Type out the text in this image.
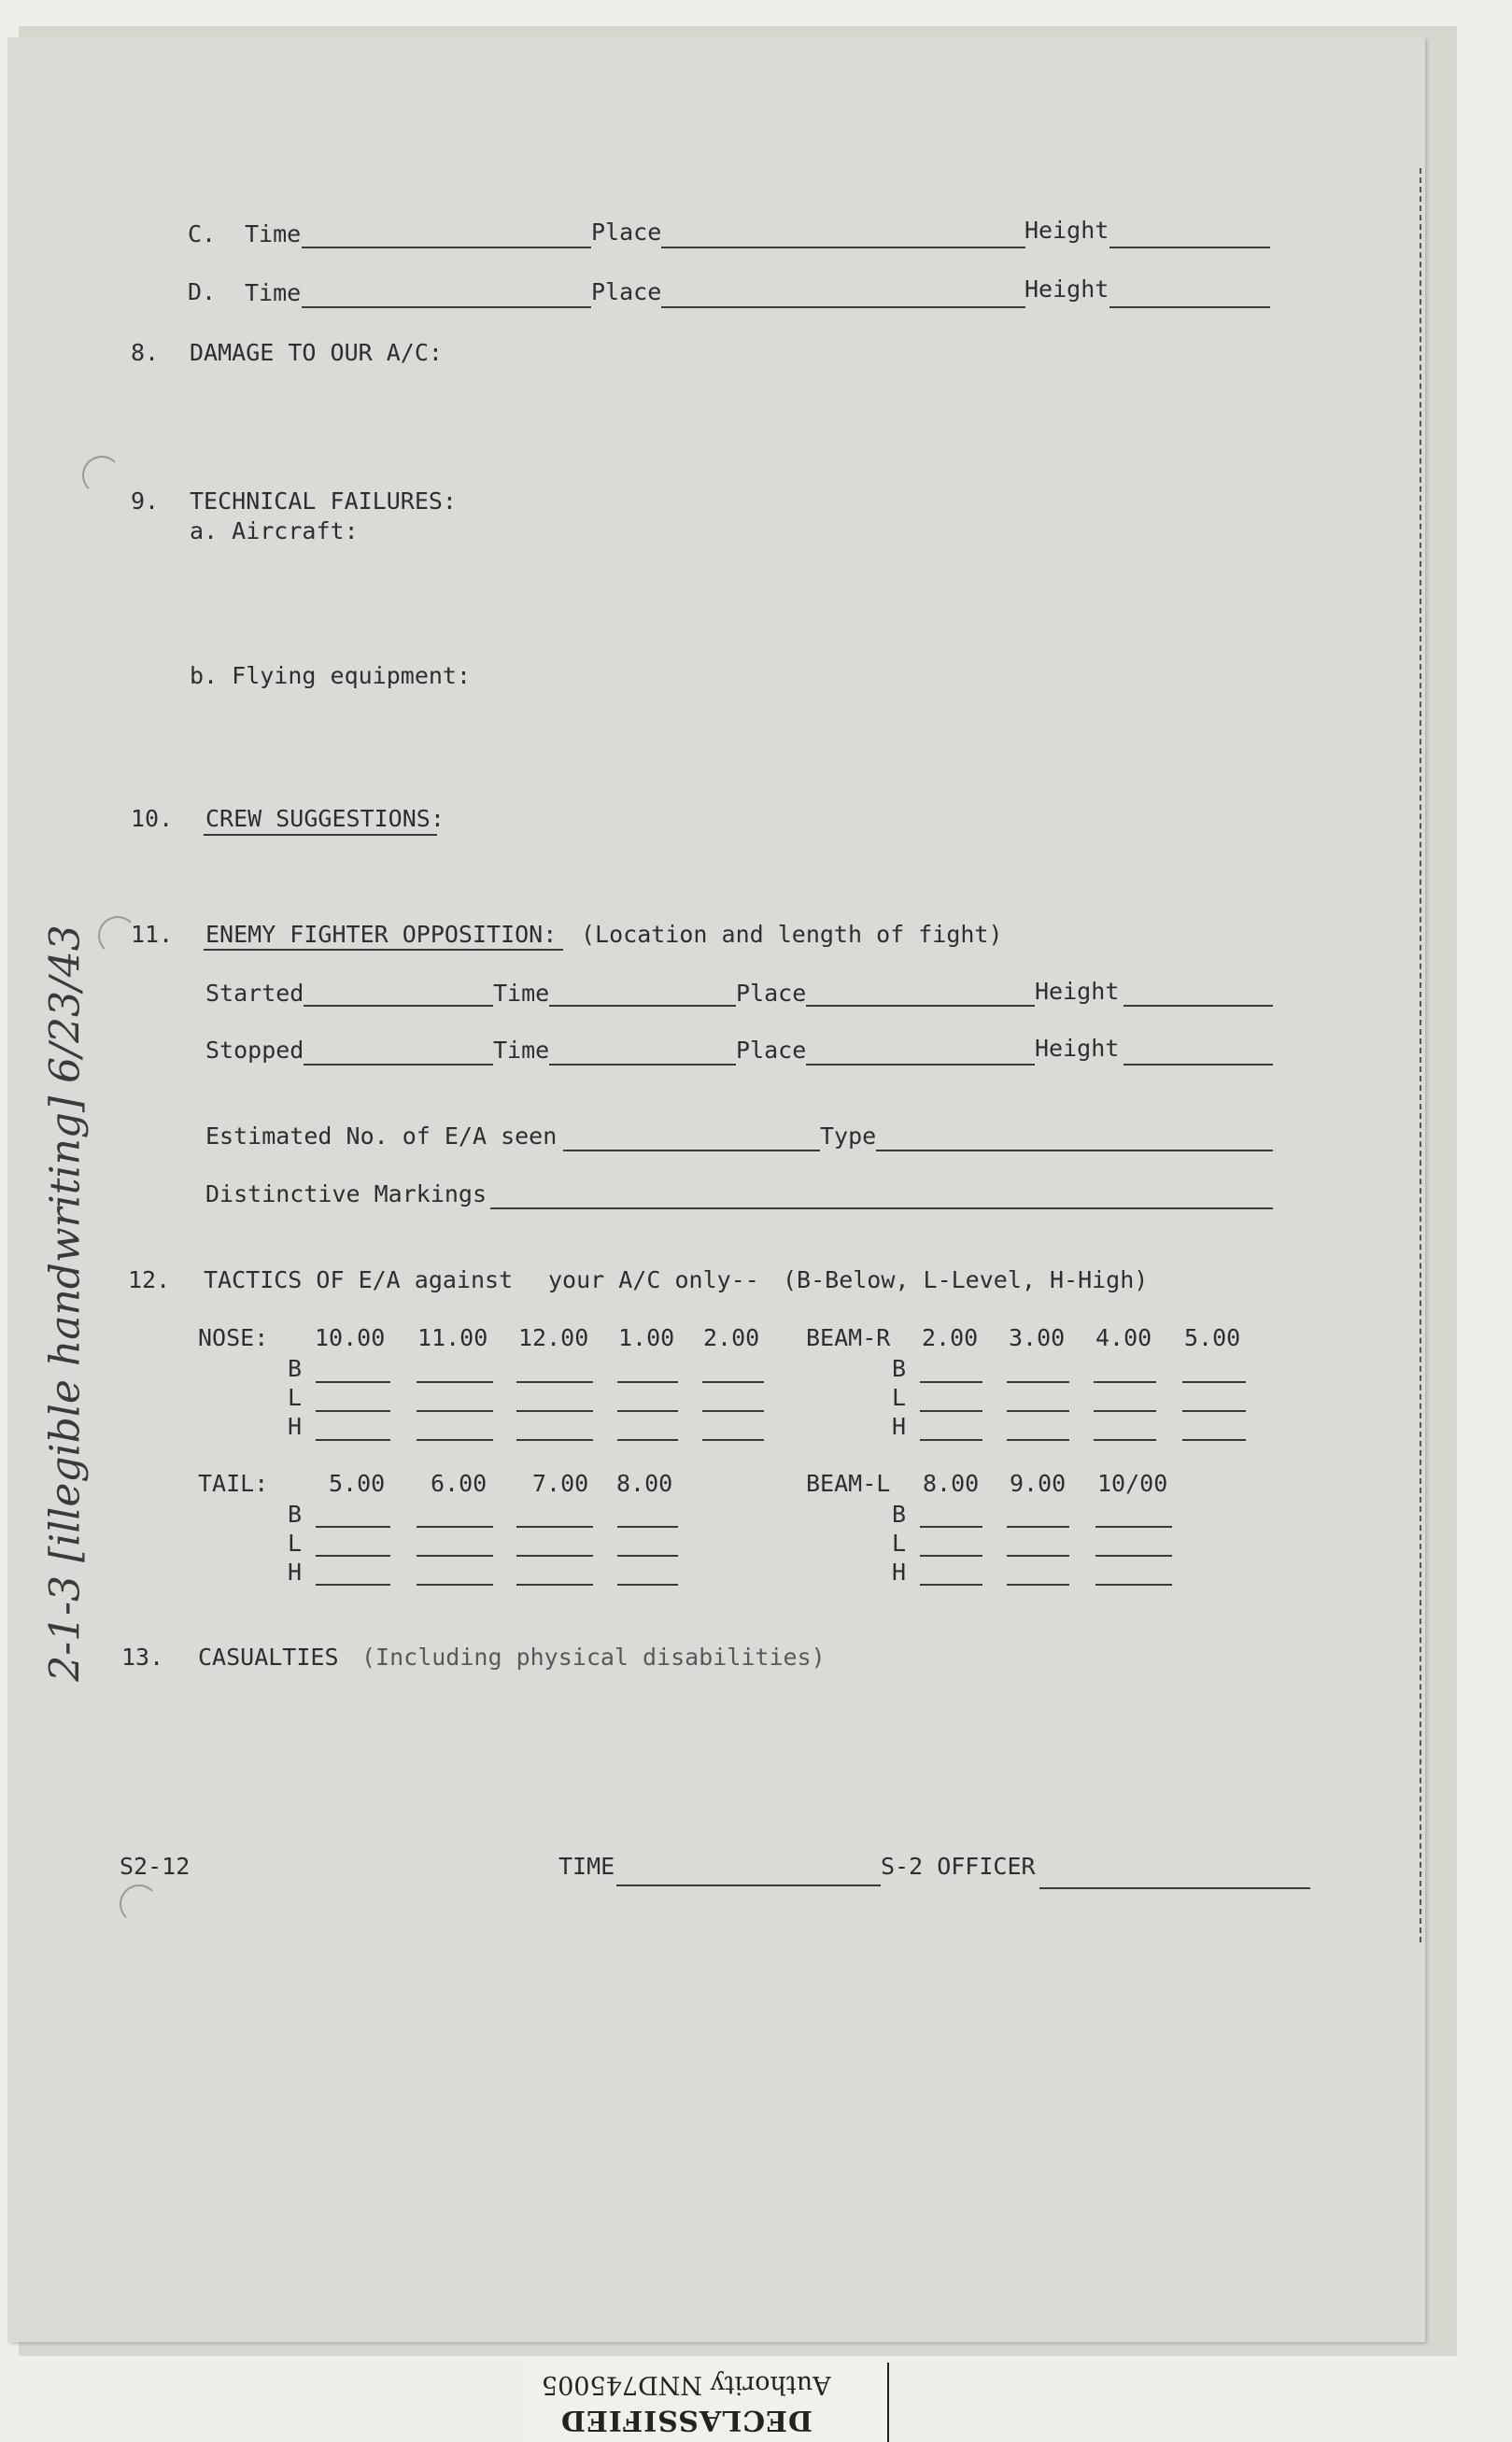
C. Time	Place	Height
D. Time	Place	Height
8. DAMAGE TO OUR A/C:
9. TECHNICAL FAILURES:
a. Aircraft:
b. Flying equipment:
10. CREW SUGGESTIONS:
11. ENEMY FIGHTER OPPOSITION: (Location and length of fight)
Started	Time	Place	Height
Stopped	Time	Place	Height
Estimated No. of E/A seen	Type
Distinctive Markings
12. TACTICS OF E/A against your A/C only-- (B-Below, L-Level, H-High)
NOSE: 10.00 11.00 12.00 1.00 2.00
B
L
H
BEAM-R 2.00 3.00 4.00 5.00
B
L
H
TAIL:	5.00 6.00 7.00 8.00
B
L
H
BEAM-L 8.00 9.00 10/00
B
L
H
13. CASUALTIES (Including physical disabilities)
S2-12	TIME	S-2 OFFICER
2-1-3 [illegible handwriting] 6/23/43
DECLASSIFIED
Authority NND745005
